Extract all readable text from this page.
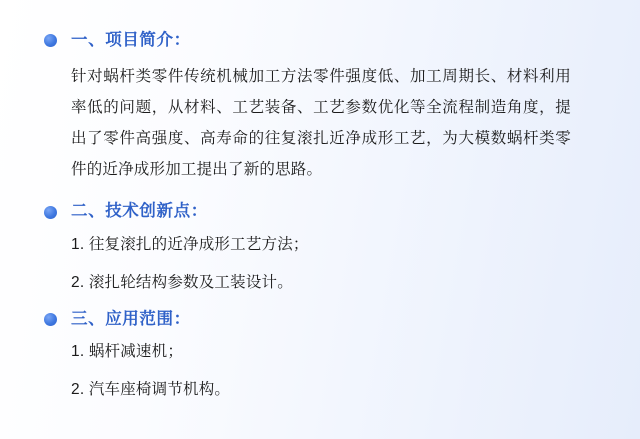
一、项目简介：

针对蜗杆类零件传统机械加工方法零件强度低、加工周期长、材料利用率低的问题，从材料、工艺装备、工艺参数优化等全流程制造角度，提出了零件高强度、高寿命的往复滚扎近净成形工艺，为大模数蜗杆类零件的近净成形加工提出了新的思路。

二、技术创新点：
1. 往复滚扎的近净成形工艺方法；
2. 滚扎轮结构参数及工装设计。
三、应用范围：
1. 蜗杆减速机；
2. 汽车座椅调节机构。
